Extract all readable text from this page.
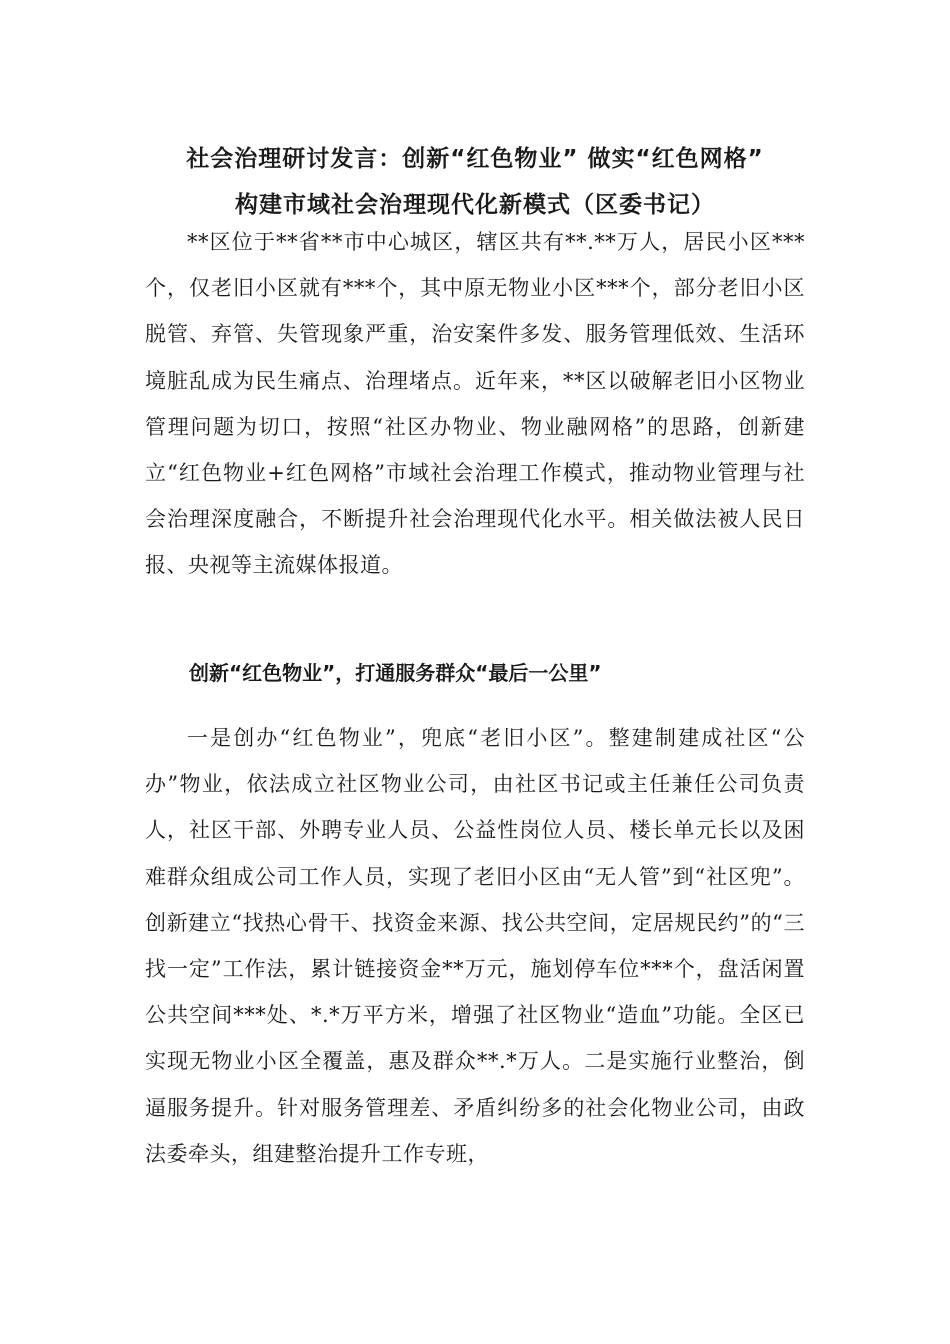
社会治理研讨发言：创新“红色物业” 做实“红色网格”
构建市域社会治理现代化新模式（区委书记）
**区位于**省**市中心城区，辖区共有**.**万人，居民小区***个，仅老旧小区就有***个，其中原无物业小区***个，部分老旧小区脱管、弃管、失管现象严重，治安案件多发、服务管理低效、生活环境脏乱成为民生痛点、治理堵点。近年来，**区以破解老旧小区物业管理问题为切口，按照“社区办物业、物业融网格”的思路，创新建立“红色物业+红色网格”市域社会治理工作模式，推动物业管理与社会治理深度融合，不断提升社会治理现代化水平。相关做法被人民日报、央视等主流媒体报道。
创新“红色物业”，打通服务群众“最后一公里”
一是创办“红色物业”，兜底“老旧小区”。整建制建成社区“公办”物业，依法成立社区物业公司，由社区书记或主任兼任公司负责人，社区干部、外聘专业人员、公益性岗位人员、楼长单元长以及困难群众组成公司工作人员，实现了老旧小区由“无人管”到“社区兜”。创新建立“找热心骨干、找资金来源、找公共空间，定居规民约”的“三找一定”工作法，累计链接资金**万元，施划停车位***个，盘活闲置公共空间***处、*.*万平方米，增强了社区物业“造血”功能。全区已实现无物业小区全覆盖，惠及群众**.*万人。二是实施行业整治，倒逼服务提升。针对服务管理差、矛盾纠纷多的社会化物业公司，由政法委牵头，组建整治提升工作专班，
